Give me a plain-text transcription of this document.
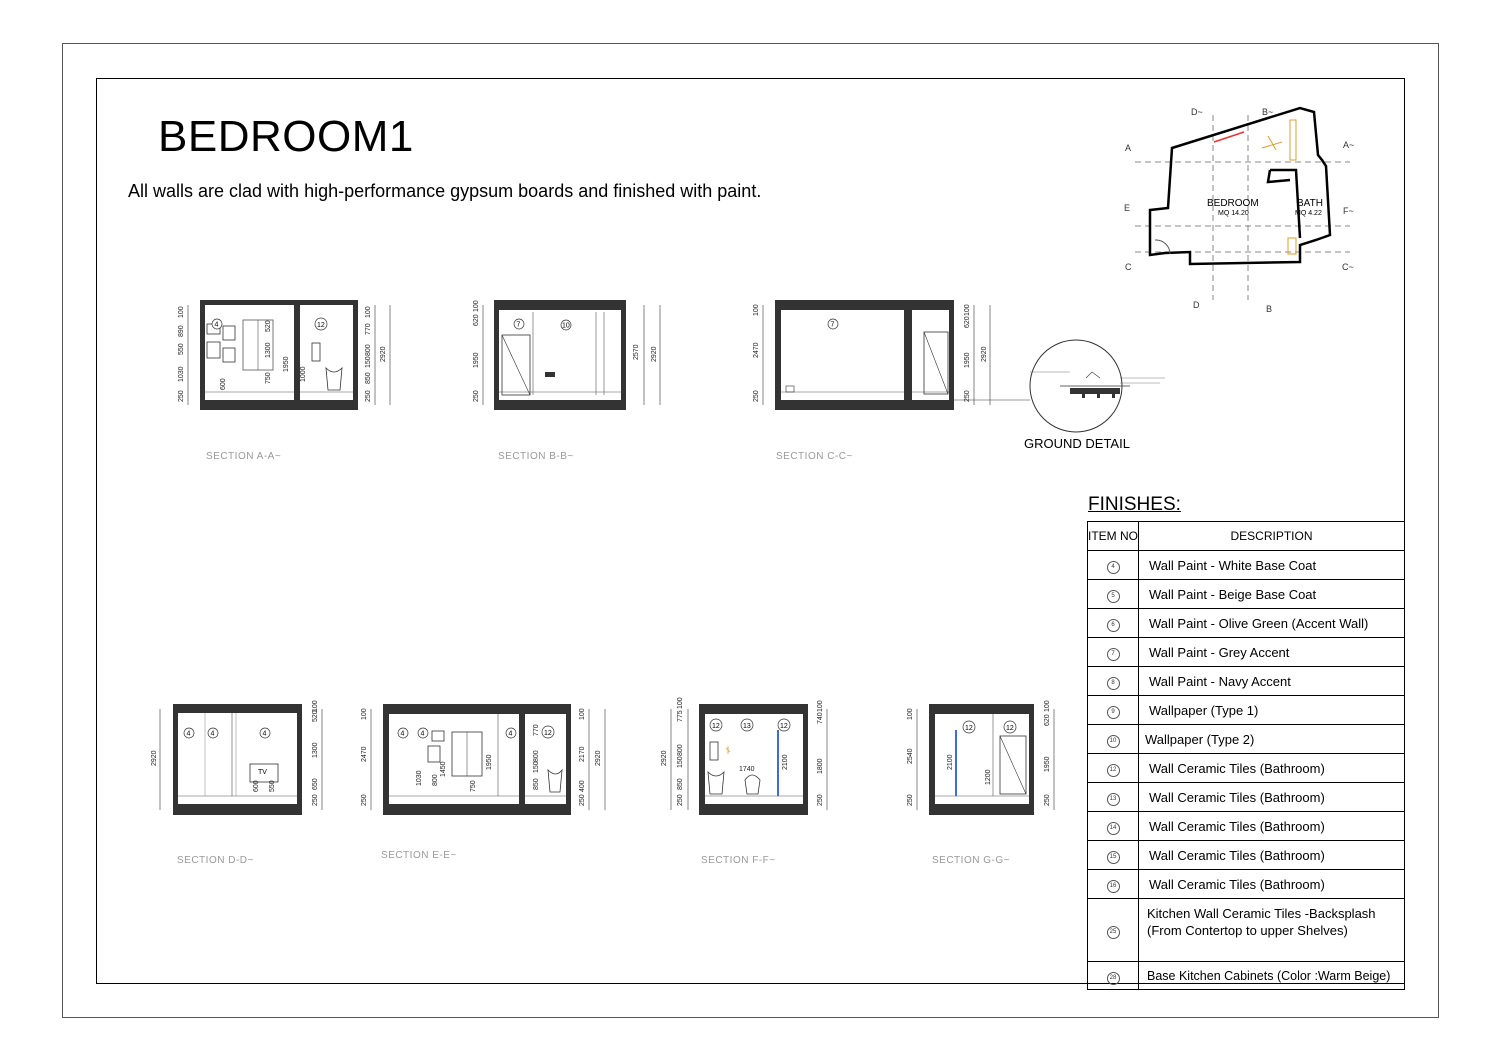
BEDROOM1
All walls are clad with high-performance gypsum boards and finished with paint.
BEDROOM
MQ 14.20
BATH
MQ 4.22
A	A~
B
B~
C	C~
D
D~
E	F~
100
890
550
1030
250
520
1300
750
600
100
770
800
150
850
250
2920
1950
1000
4	12	620
100
1950
250
2570 2920
7	10
100
2470
250
620
100
1950
250
2920
7
2920
520
100
1300
650
250
600 550
TV
4	4	4
100
2470
250
1030 800
1450
750
1950
770
800
150
850
250
400
2170 2920
100
4 4	4	12
2920
775
100
800
150
850
250
1740	2100
740
100
1800
250
12	13	12
100
2540
250
2100
1200
620
100
1950
250
12	12
SECTION A-A~	SECTION B-B~	SECTION C-C~
GROUND DETAIL
SECTION D-D~	SECTION E-E~	SECTION F-F~	SECTION G-G~
FINISHES:
ITEM NO	DESCRIPTION
4	Wall Paint - White Base Coat
5	Wall Paint - Beige Base Coat
6	Wall Paint - Olive Green (Accent Wall)
7	Wall Paint - Grey Accent
8	Wall Paint - Navy Accent
9	Wallpaper (Type 1)
10	Wallpaper (Type 2)
12	Wall Ceramic Tiles (Bathroom)
13	Wall Ceramic Tiles (Bathroom)
14	Wall Ceramic Tiles (Bathroom)
15	Wall Ceramic Tiles (Bathroom)
16	Wall Ceramic Tiles (Bathroom)
25	Kitchen Wall Ceramic Tiles -Backsplash
(From Contertop to upper Shelves)

28	Base Kitchen Cabinets (Color :Warm Beige)
